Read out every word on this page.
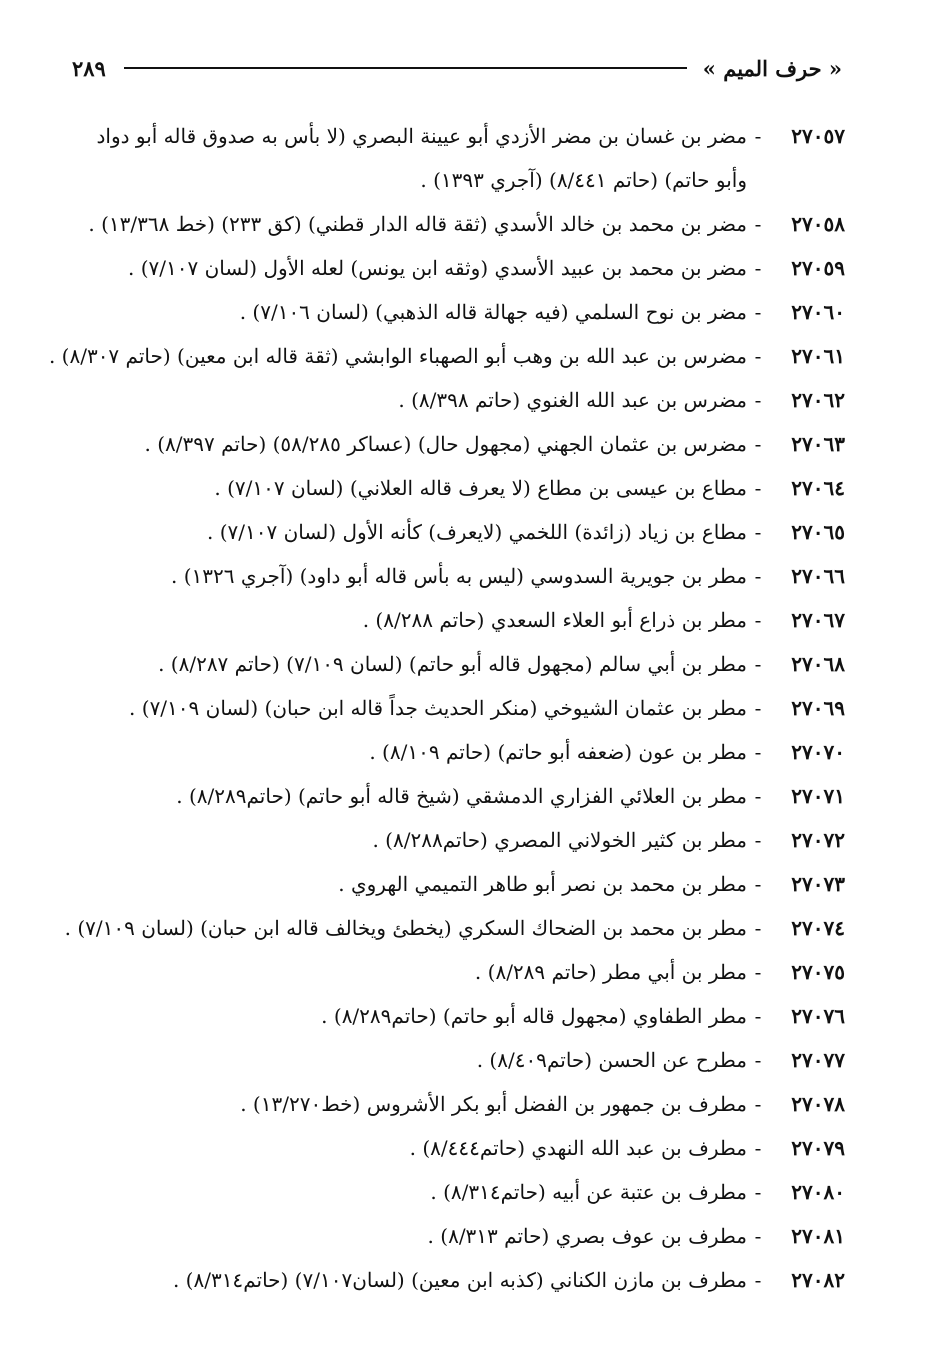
« حرف الميم »
٢٨٩
٢٧٠٥٧
-
مضر بن غسان بن مضر الأزدي أبو عيينة البصري (لا بأس به صدوق قاله أبو دواد وأبو حاتم) (حاتم ٨/٤٤١) (آجري ١٣٩٣) .
٢٧٠٥٨
-
مضر بن محمد بن خالد الأسدي (ثقة قاله الدار قطني) (كق ٢٣٣) (خط ١٣/٣٦٨) .
٢٧٠٥٩
-
مضر بن محمد بن عبيد الأسدي (وثقه ابن يونس) لعله الأول (لسان ٧/١٠٧) .
٢٧٠٦٠
-
مضر بن نوح السلمي (فيه جهالة قاله الذهبي) (لسان ٧/١٠٦) .
٢٧٠٦١
-
مضرس بن عبد الله بن وهب أبو الصهباء الوابشي (ثقة قاله ابن معين) (حاتم ٨/٣٠٧) .
٢٧٠٦٢
-
مضرس بن عبد الله الغنوي (حاتم ٨/٣٩٨) .
٢٧٠٦٣
-
مضرس بن عثمان الجهني (مجهول حال) (عساكر ٥٨/٢٨٥) (حاتم ٨/٣٩٧) .
٢٧٠٦٤
-
مطاع بن عيسى بن مطاع (لا يعرف قاله العلاني) (لسان ٧/١٠٧) .
٢٧٠٦٥
-
مطاع بن زياد (زائدة) اللخمي (لايعرف) كأنه الأول (لسان ٧/١٠٧) .
٢٧٠٦٦
-
مطر بن جويرية السدوسي (ليس به بأس قاله أبو داود) (آجري ١٣٢٦) .
٢٧٠٦٧
-
مطر بن ذراع أبو العلاء السعدي (حاتم ٨/٢٨٨) .
٢٧٠٦٨
-
مطر بن أبي سالم (مجهول قاله أبو حاتم) (لسان ٧/١٠٩) (حاتم ٨/٢٨٧) .
٢٧٠٦٩
-
مطر بن عثمان الشيوخي (منكر الحديث جداً قاله ابن حبان) (لسان ٧/١٠٩) .
٢٧٠٧٠
-
مطر بن عون (ضعفه أبو حاتم) (حاتم ٨/١٠٩) .
٢٧٠٧١
-
مطر بن العلائي الفزاري الدمشقي (شيخ قاله أبو حاتم) (حاتم٨/٢٨٩) .
٢٧٠٧٢
-
مطر بن كثير الخولاني المصري (حاتم٨/٢٨٨) .
٢٧٠٧٣
-
مطر بن محمد بن نصر أبو طاهر التميمي الهروي .
٢٧٠٧٤
-
مطر بن محمد بن الضحاك السكري (يخطئ ويخالف قاله ابن حبان) (لسان ٧/١٠٩) .
٢٧٠٧٥
-
مطر بن أبي مطر (حاتم ٨/٢٨٩) .
٢٧٠٧٦
-
مطر الطفاوي (مجهول قاله أبو حاتم) (حاتم٨/٢٨٩) .
٢٧٠٧٧
-
مطرح عن الحسن (حاتم٨/٤٠٩) .
٢٧٠٧٨
-
مطرف بن جمهور بن الفضل أبو بكر الأشروس (خط١٣/٢٧٠) .
٢٧٠٧٩
-
مطرف بن عبد الله النهدي (حاتم٨/٤٤٤) .
٢٧٠٨٠
-
مطرف بن عتبة عن أبيه (حاتم٨/٣١٤) .
٢٧٠٨١
-
مطرف بن عوف بصري (حاتم ٨/٣١٣) .
٢٧٠٨٢
-
مطرف بن مازن الكناني (كذبه ابن معين) (لسان٧/١٠٧) (حاتم٨/٣١٤) .
